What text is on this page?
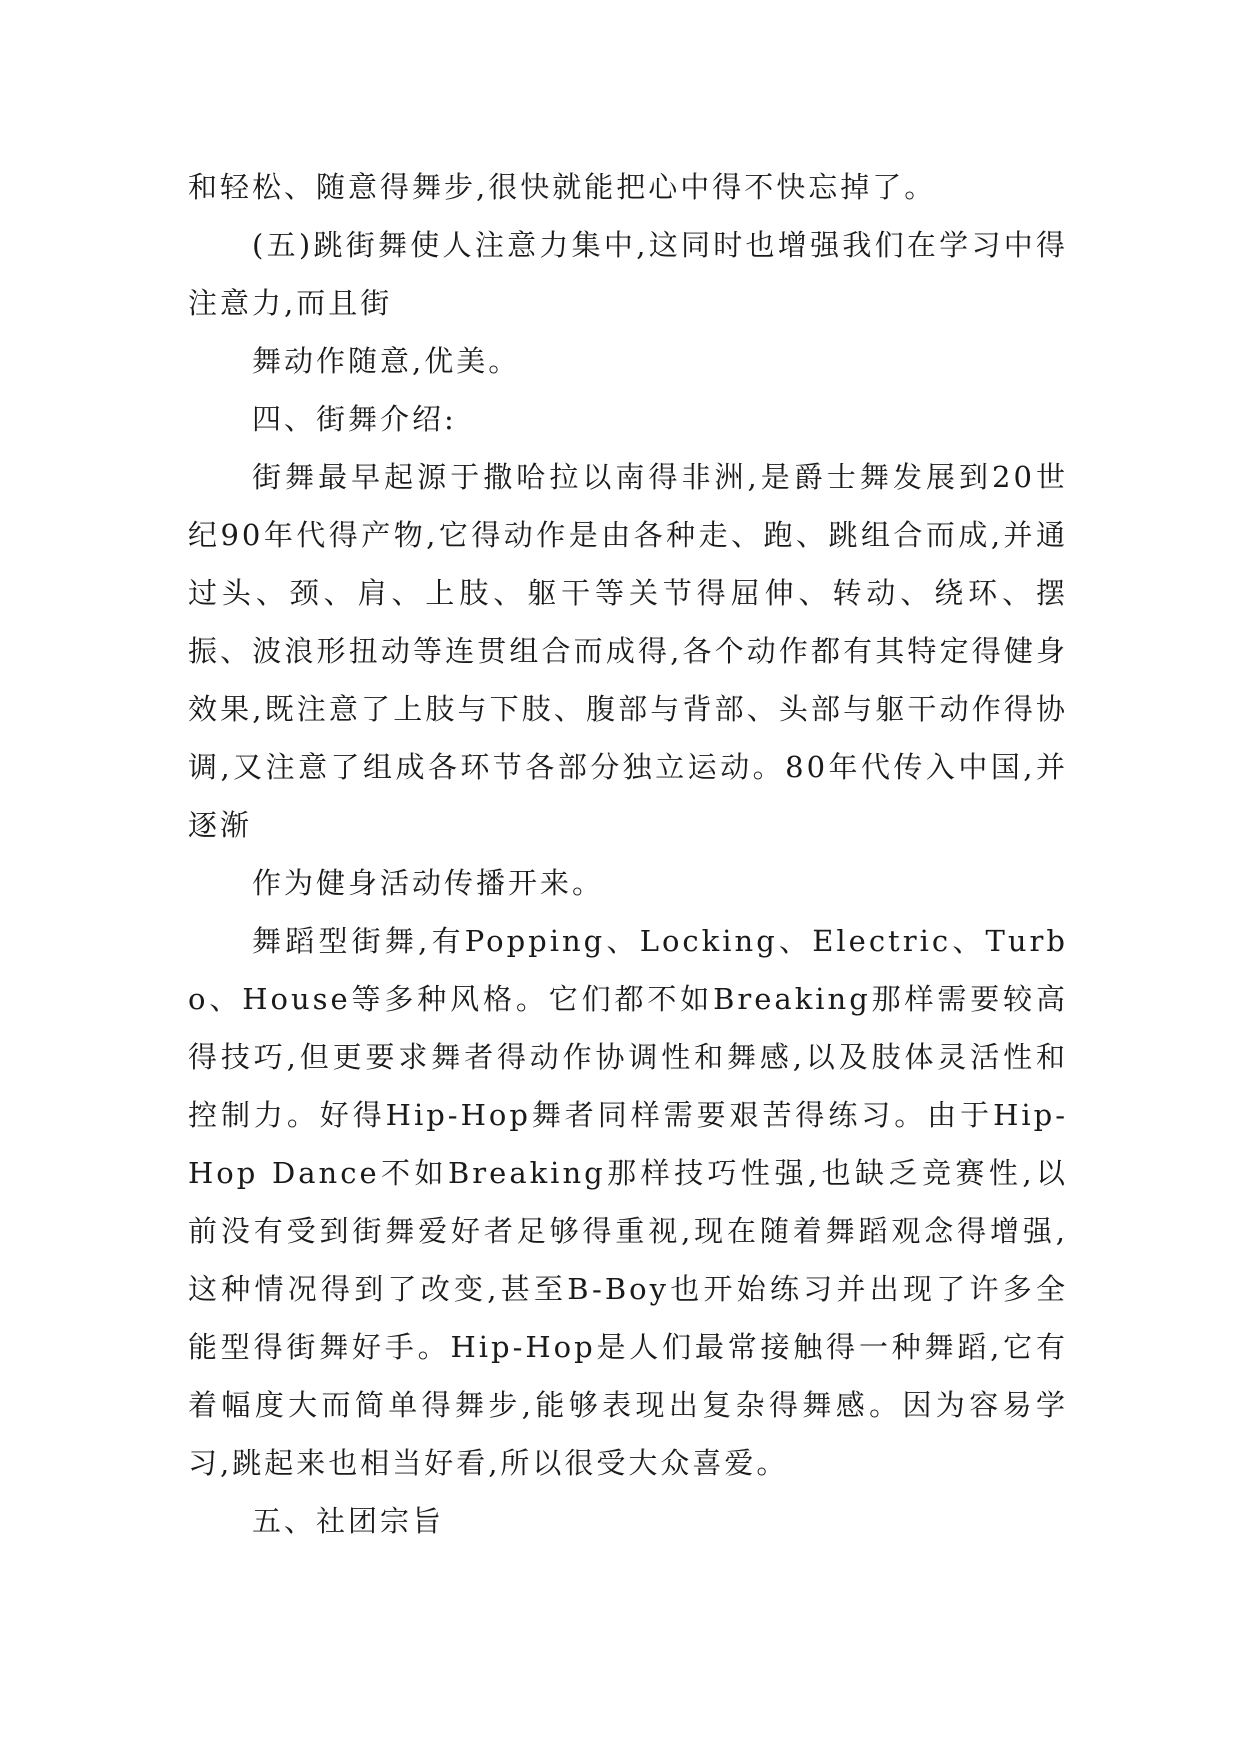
和轻松、随意得舞步,很快就能把心中得不快忘掉了。

(五)跳街舞使人注意力集中,这同时也增强我们在学习中得注意力,而且街

舞动作随意,优美。

四、街舞介绍:

街舞最早起源于撒哈拉以南得非洲,是爵士舞发展到20世纪90年代得产物,它得动作是由各种走、跑、跳组合而成,并通过头、颈、肩、上肢、躯干等关节得屈伸、转动、绕环、摆振、波浪形扭动等连贯组合而成得,各个动作都有其特定得健身效果,既注意了上肢与下肢、腹部与背部、头部与躯干动作得协调,又注意了组成各环节各部分独立运动。80年代传入中国,并逐渐

作为健身活动传播开来。

舞蹈型街舞,有Popping、Locking、Electric、Turbo、House等多种风格。它们都不如Breaking那样需要较高得技巧,但更要求舞者得动作协调性和舞感,以及肢体灵活性和控制力。好得Hip-Hop舞者同样需要艰苦得练习。由于Hip-Hop Dance不如Breaking那样技巧性强,也缺乏竞赛性,以前没有受到街舞爱好者足够得重视,现在随着舞蹈观念得增强,这种情况得到了改变,甚至B-Boy也开始练习并出现了许多全能型得街舞好手。Hip-Hop是人们最常接触得一种舞蹈,它有着幅度大而简单得舞步,能够表现出复杂得舞感。因为容易学习,跳起来也相当好看,所以很受大众喜爱。

五、社团宗旨
